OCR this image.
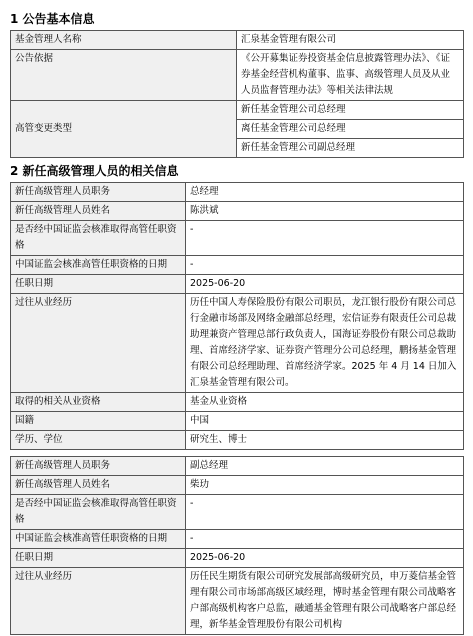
1 公告基本信息
基金管理人名称	汇泉基金管理有限公司
公告依据	《公开募集证券投资基金信息披露管理办法》、《证券基金经营机构董事、监事、高级管理人员及从业人员监督管理办法》等相关法律法规
高管变更类型	新任基金管理公司总经理
	离任基金管理公司总经理
	新任基金管理公司副总经理
2 新任高级管理人员的相关信息
新任高级管理人员职务	总经理
新任高级管理人员姓名	陈洪斌
是否经中国证监会核准取得高管任职资格	-
中国证监会核准高管任职资格的日期	-
任职日期	2025-06-20
过往从业经历	历任中国人寿保险股份有限公司职员，龙江银行股份有限公司总行金融市场部及网络金融部总经理，宏信证券有限责任公司总裁助理兼资产管理总部行政负责人，国海证券股份有限公司总裁助理、首席经济学家、证券资产管理分公司总经理，鹏扬基金管理有限公司总经理助理、首席经济学家。2025 年 4 月 14 日加入汇泉基金管理有限公司。
取得的相关从业资格	基金从业资格
国籍	中国
学历、学位	研究生、博士
新任高级管理人员职务	副总经理
新任高级管理人员姓名	柴玏
是否经中国证监会核准取得高管任职资格	-
中国证监会核准高管任职资格的日期	-
任职日期	2025-06-20
过往从业经历	历任民生期货有限公司研究发展部高级研究员，申万菱信基金管理有限公司市场部高级区域经理，博时基金管理有限公司战略客户部高级机构客户总监，融通基金管理有限公司战略客户部总经理，新华基金管理股份有限公司机构
